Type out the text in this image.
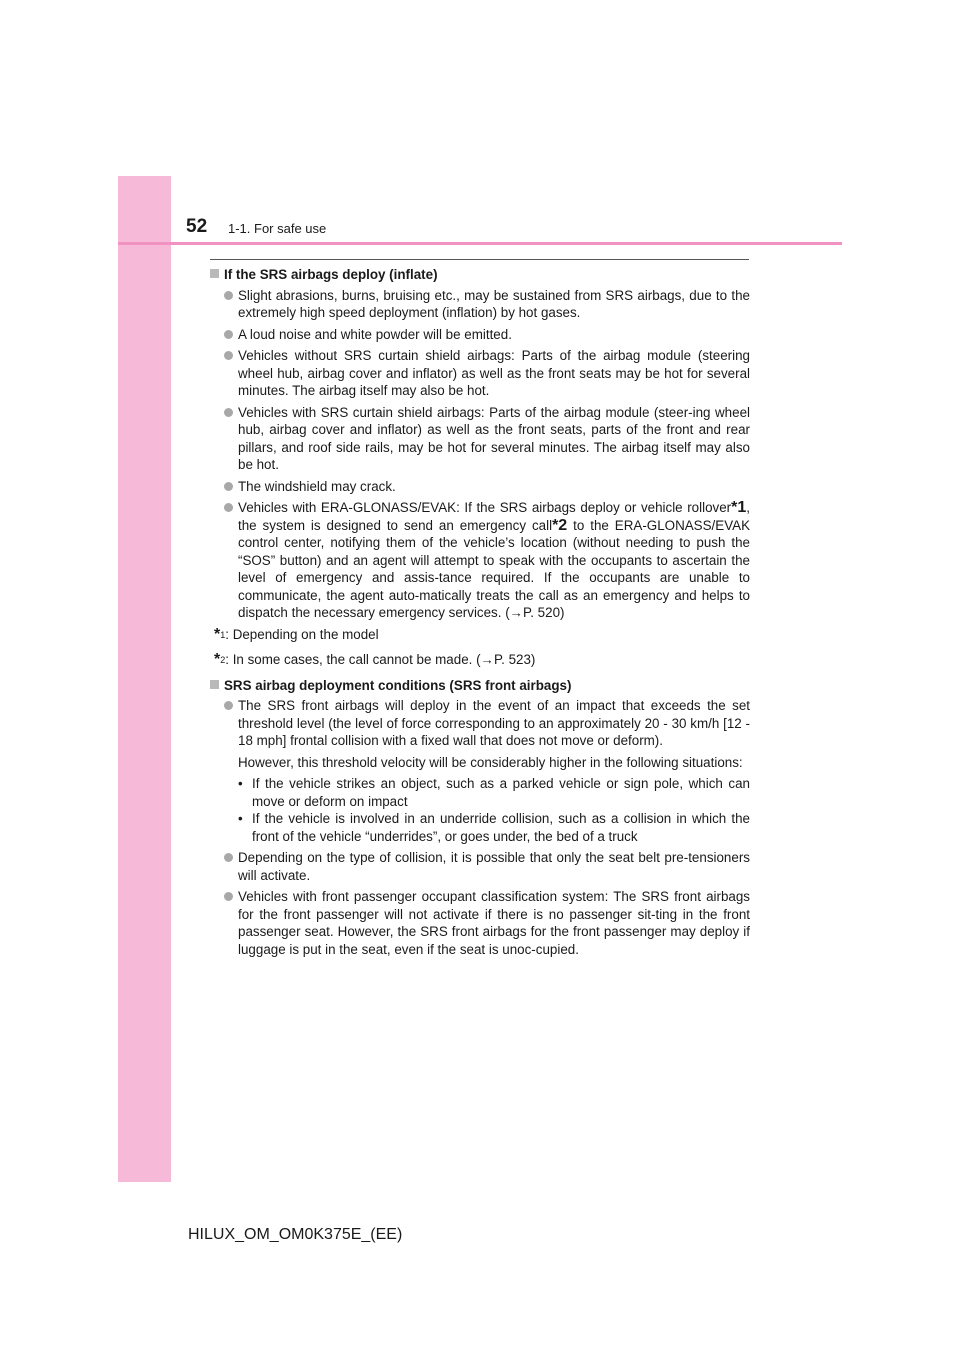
52 1-1. For safe use
If the SRS airbags deploy (inflate)
Slight abrasions, burns, bruising etc., may be sustained from SRS airbags, due to the extremely high speed deployment (inflation) by hot gases.
A loud noise and white powder will be emitted.
Vehicles without SRS curtain shield airbags: Parts of the airbag module (steering wheel hub, airbag cover and inflator) as well as the front seats may be hot for several minutes. The airbag itself may also be hot.
Vehicles with SRS curtain shield airbags: Parts of the airbag module (steer-ing wheel hub, airbag cover and inflator) as well as the front seats, parts of the front and rear pillars, and roof side rails, may be hot for several minutes. The airbag itself may also be hot.
The windshield may crack.
Vehicles with ERA-GLONASS/EVAK: If the SRS airbags deploy or vehicle rollover*1, the system is designed to send an emergency call*2 to the ERA-GLONASS/EVAK control center, notifying them of the vehicle’s location (without needing to push the “SOS” button) and an agent will attempt to speak with the occupants to ascertain the level of emergency and assis-tance required. If the occupants are unable to communicate, the agent auto-matically treats the call as an emergency and helps to dispatch the necessary emergency services. (→P. 520)
* 1 : Depending on the model
* 2 : In some cases, the call cannot be made. (→P. 523)
SRS airbag deployment conditions (SRS front airbags)
The SRS front airbags will deploy in the event of an impact that exceeds the set threshold level (the level of force corresponding to an approximately 20 - 30 km/h [12 - 18 mph] frontal collision with a fixed wall that does not move or deform).
However, this threshold velocity will be considerably higher in the following situations:
• If the vehicle strikes an object, such as a parked vehicle or sign pole, which can move or deform on impact
• If the vehicle is involved in an underride collision, such as a collision in which the front of the vehicle “underrides”, or goes under, the bed of a truck
Depending on the type of collision, it is possible that only the seat belt pre-tensioners will activate.
Vehicles with front passenger occupant classification system: The SRS front airbags for the front passenger will not activate if there is no passenger sit-ting in the front passenger seat. However, the SRS front airbags for the front passenger may deploy if luggage is put in the seat, even if the seat is unoc-cupied.
HILUX_OM_OM0K375E_(EE)
